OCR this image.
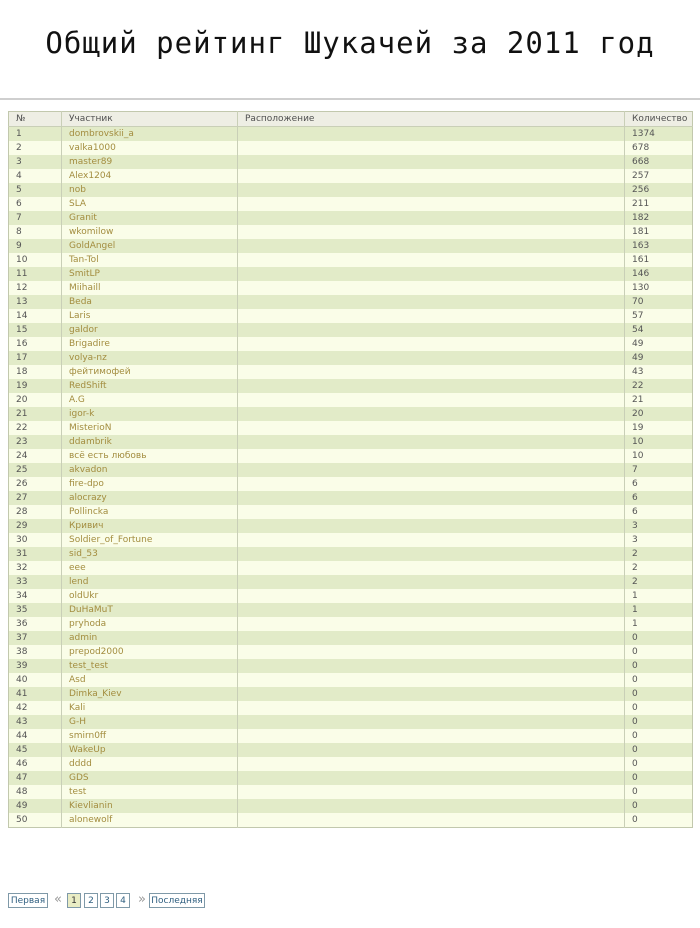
Общий рейтинг Шукачей за 2011 год
№	Участник	Расположение	Количество
1	dombrovskii_a		1374
2	valka1000		678
3	master89		668
4	Alex1204		257
5	nob		256
6	SLA		211
7	Granit		182
8	wkomilow		181
9	GoldAngel		163
10	Tan-Tol		161
11	SmitLP		146
12	Miihaill		130
13	Beda		70
14	Laris		57
15	galdor		54
16	Brigadire		49
17	volya-nz		49
18	фейтимофей		43
19	RedShift		22
20	A.G		21
21	igor-k		20
22	MisterioN		19
23	ddambrik		10
24	всё есть любовь		10
25	akvadon		7
26	fire-dpo		6
27	alocrazy		6
28	Pollincka		6
29	Кривич		3
30	Soldier_of_Fortune		3
31	sid_53		2
32	eee		2
33	lend		2
34	oldUkr		1
35	DuHaMuT		1
36	pryhoda		1
37	admin		0
38	prepod2000		0
39	test_test		0
40	Asd		0
41	Dimka_Kiev		0
42	Kali		0
43	G-H		0
44	smirn0ff		0
45	WakeUp		0
46	dddd		0
47	GDS		0
48	test		0
49	Kievlianin		0
50	alonewolf		0
Первая «	1	2	3	4 » Последняя
